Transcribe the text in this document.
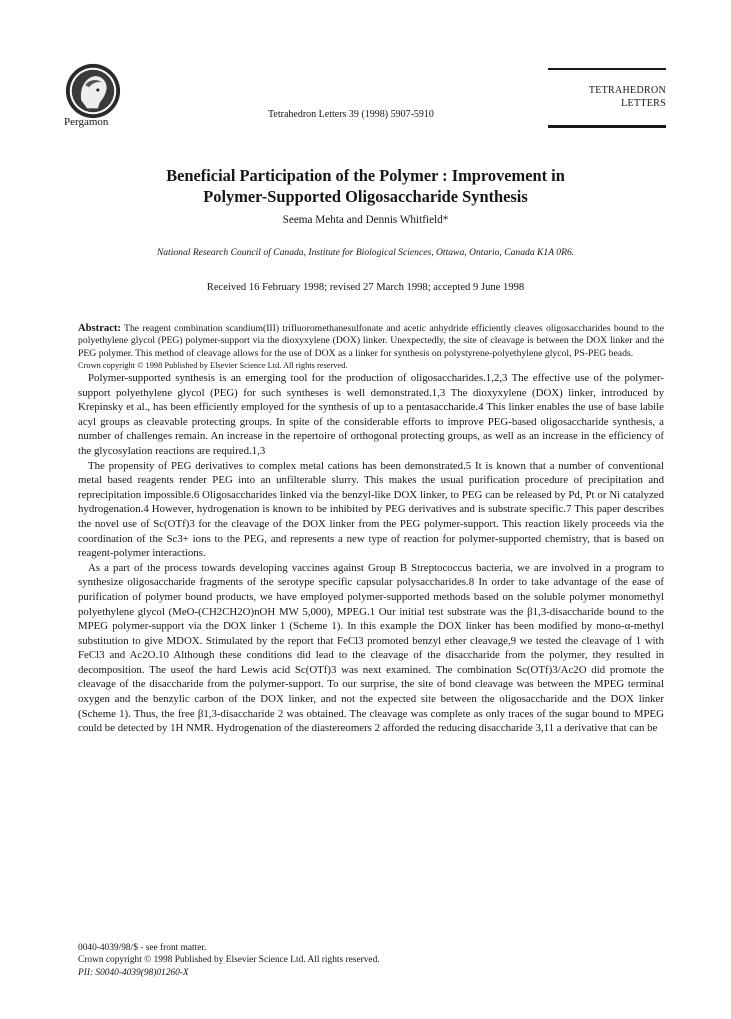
Pergamon
Tetrahedron Letters 39 (1998) 5907-5910
TETRAHEDRON
LETTERS
Beneficial Participation of the Polymer : Improvement in
Polymer-Supported Oligosaccharide Synthesis
Seema Mehta and Dennis Whitfield*
National Research Council of Canada, Institute for Biological Sciences, Ottawa, Ontario, Canada K1A 0R6.
Received 16 February 1998; revised 27 March 1998; accepted 9 June 1998
Abstract: The reagent combination scandium(III) trifluoromethanesulfonate and acetic anhydride efficiently cleaves oligosaccharides bound to the polyethylene glycol (PEG) polymer-support via the dioxyxylene (DOX) linker. Unexpectedly, the site of cleavage is between the DOX linker and the PEG polymer. This method of cleavage allows for the use of DOX as a linker for synthesis on polystyrene-polyethylene glycol, PS-PEG beads.
Crown copyright © 1998 Published by Elsevier Science Ltd. All rights reserved.

Polymer-supported synthesis is an emerging tool for the production of oligosaccharides.1,2,3 The effective use of the polymer-support polyethylene glycol (PEG) for such syntheses is well demonstrated.1,3 The dioxyxylene (DOX) linker, introduced by Krepinsky et al., has been efficiently employed for the synthesis of up to a pentasaccharide.4 This linker enables the use of base labile acyl groups as cleavable protecting groups. In spite of the considerable efforts to improve PEG-based oligosaccharide synthesis, a number of challenges remain. An increase in the repertoire of orthogonal protecting groups, as well as an increase in the efficiency of the glycosylation reactions are required.1,3

The propensity of PEG derivatives to complex metal cations has been demonstrated.5 It is known that a number of conventional metal based reagents render PEG into an unfilterable slurry. This makes the usual purification procedure of precipitation and reprecipitation impossible.6 Oligosaccharides linked via the benzyl-like DOX linker, to PEG can be released by Pd, Pt or Ni catalyzed hydrogenation.4 However, hydrogenation is known to be inhibited by PEG derivatives and is substrate specific.7 This paper describes the novel use of Sc(OTf)3 for the cleavage of the DOX linker from the PEG polymer-support. This reaction likely proceeds via the coordination of the Sc3+ ions to the PEG, and represents a new type of reaction for polymer-supported chemistry, that is based on reagent-polymer interactions.

As a part of the process towards developing vaccines against Group B Streptococcus bacteria, we are involved in a program to synthesize oligosaccharide fragments of the serotype specific capsular polysaccharides.8 In order to take advantage of the ease of purification of polymer bound products, we have employed polymer-supported methods based on the soluble polymer monomethyl polyethylene glycol (MeO-(CH2CH2O)nOH MW 5,000), MPEG.1 Our initial test substrate was the β1,3-disaccharide bound to the MPEG polymer-support via the DOX linker 1 (Scheme 1). In this example the DOX linker has been modified by mono-α-methyl substitution to give MDOX. Stimulated by the report that FeCl3 promoted benzyl ether cleavage,9 we tested the cleavage of 1 with FeCl3 and Ac2O.10 Although these conditions did lead to the cleavage of the disaccharide from the polymer, they resulted in decomposition. The useof the hard Lewis acid Sc(OTf)3 was next examined. The combination Sc(OTf)3/Ac2O did promote the cleavage of the disaccharide from the polymer-support. To our surprise, the site of bond cleavage was between the MPEG terminal oxygen and the benzylic carbon of the DOX linker, and not the expected site between the oligosaccharide and the DOX linker (Scheme 1). Thus, the free β1,3-disaccharide 2 was obtained. The cleavage was complete as only traces of the sugar bound to MPEG could be detected by 1H NMR. Hydrogenation of the diastereomers 2 afforded the reducing disaccharide 3,11 a derivative that can be

0040-4039/98/$ - see front matter.
Crown copyright © 1998 Published by Elsevier Science Ltd. All rights reserved.
PII: S0040-4039(98)01260-X
